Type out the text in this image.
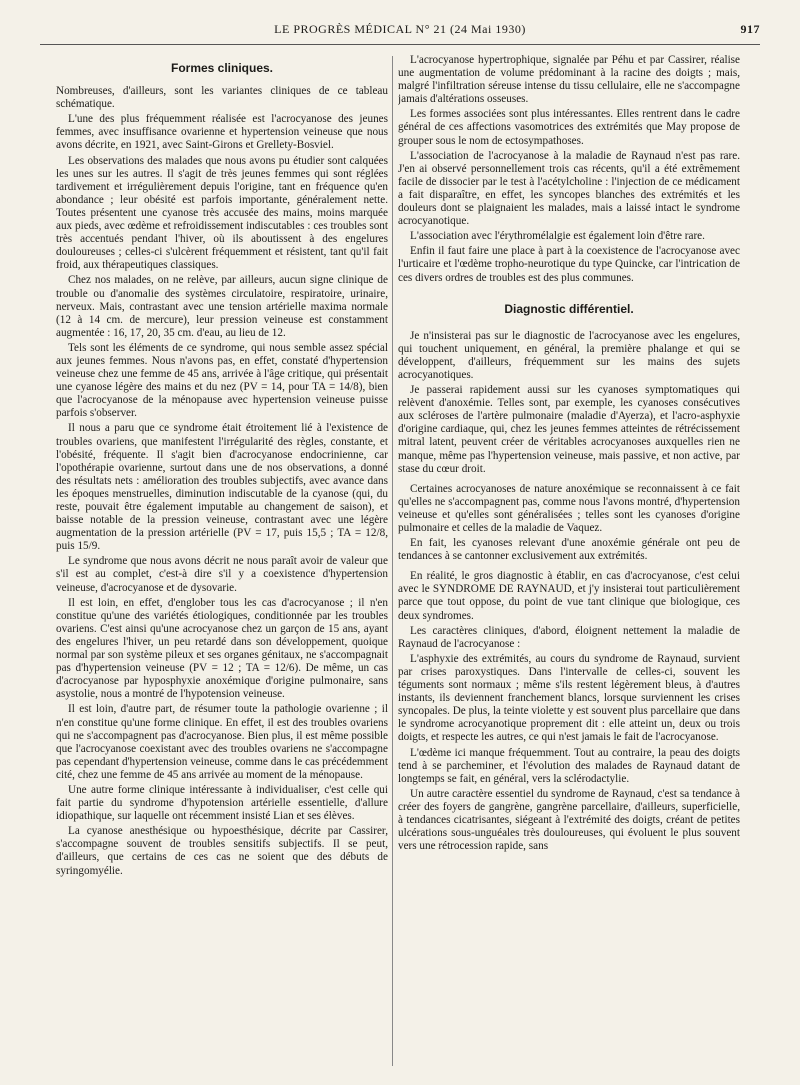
LE PROGRÈS MÉDICAL N° 21 (24 Mai 1930)	917
Formes cliniques.

Nombreuses, d'ailleurs, sont les variantes cliniques de ce tableau schématique.

L'une des plus fréquemment réalisée est l'acrocyanose des jeunes femmes, avec insuffisance ovarienne et hypertension veineuse que nous avons décrite, en 1921, avec Saint-Girons et Grellety-Bosviel.

Les observations des malades que nous avons pu étudier sont calquées les unes sur les autres. Il s'agit de très jeunes femmes qui sont réglées tardivement et irrégulièrement depuis l'origine, tant en fréquence qu'en abondance ; leur obésité est parfois importante, généralement nette. Toutes présentent une cyanose très accusée des mains, moins marquée aux pieds, avec œdème et refroidissement indiscutables : ces troubles sont très accentués pendant l'hiver, où ils aboutissent à des engelures douloureuses ; celles-ci s'ulcèrent fréquemment et résistent, tant qu'il fait froid, aux thérapeutiques classiques.

Chez nos malades, on ne relève, par ailleurs, aucun signe clinique de trouble ou d'anomalie des systèmes circulatoire, respiratoire, urinaire, nerveux. Mais, contrastant avec une tension artérielle maxima normale (12 à 14 cm. de mercure), leur pression veineuse est constamment augmentée : 16, 17, 20, 35 cm. d'eau, au lieu de 12.

Tels sont les éléments de ce syndrome, qui nous semble assez spécial aux jeunes femmes. Nous n'avons pas, en effet, constaté d'hypertension veineuse chez une femme de 45 ans, arrivée à l'âge critique, qui présentait une cyanose légère des mains et du nez (PV = 14, pour TA = 14/8), bien que l'acrocyanose de la ménopause avec hypertension veineuse puisse parfois s'observer.

Il nous a paru que ce syndrome était étroitement lié à l'existence de troubles ovariens, que manifestent l'irrégularité des règles, constante, et l'obésité, fréquente. Il s'agit bien d'acrocyanose endocrinienne, car l'opothérapie ovarienne, surtout dans une de nos observations, a donné des résultats nets : amélioration des troubles subjectifs, avec avance dans les époques menstruelles, diminution indiscutable de la cyanose (qui, du reste, pouvait être également imputable au changement de saison), et baisse notable de la pression veineuse, contrastant avec une légère augmentation de la pression artérielle (PV = 17, puis 15,5 ; TA = 12/8, puis 15/9.

Le syndrome que nous avons décrit ne nous paraît avoir de valeur que s'il est au complet, c'est-à dire s'il y a coexistence d'hypertension veineuse, d'acrocyanose et de dysovarie.

Il est loin, en effet, d'englober tous les cas d'acrocyanose ; il n'en constitue qu'une des variétés étiologiques, conditionnée par les troubles ovariens. C'est ainsi qu'une acrocyanose chez un garçon de 15 ans, ayant des engelures l'hiver, un peu retardé dans son développement, quoique normal par son système pileux et ses organes génitaux, ne s'accompagnait pas d'hypertension veineuse (PV = 12 ; TA = 12/6). De même, un cas d'acrocyanose par hyposphyxie anoxémique d'origine pulmonaire, sans asystolie, nous a montré de l'hypotension veineuse.

Il est loin, d'autre part, de résumer toute la pathologie ovarienne ; il n'en constitue qu'une forme clinique. En effet, il est des troubles ovariens qui ne s'accompagnent pas d'acrocyanose. Bien plus, il est même possible que l'acrocyanose coexistant avec des troubles ovariens ne s'accompagne pas cependant d'hypertension veineuse, comme dans le cas précédemment cité, chez une femme de 45 ans arrivée au moment de la ménopause.

Une autre forme clinique intéressante à individualiser, c'est celle qui fait partie du syndrome d'hypotension artérielle essentielle, d'allure idiopathique, sur laquelle ont récemment insisté Lian et ses élèves.

La cyanose anesthésique ou hypoesthésique, décrite par Cassirer, s'accompagne souvent de troubles sensitifs subjectifs. Il se peut, d'ailleurs, que certains de ces cas ne soient que des débuts de syringomyélie.

L'acrocyanose hypertrophique, signalée par Péhu et par Cassirer, réalise une augmentation de volume prédominant à la racine des doigts ; mais, malgré l'infiltration séreuse intense du tissu cellulaire, elle ne s'accompagne jamais d'altérations osseuses.

Les formes associées sont plus intéressantes. Elles rentrent dans le cadre général de ces affections vasomotrices des extrémités que May propose de grouper sous le nom de ectosympathoses.

L'association de l'acrocyanose à la maladie de Raynaud n'est pas rare. J'en ai observé personnellement trois cas récents, qu'il a été extrêmement facile de dissocier par le test à l'acétylcholine : l'injection de ce médicament a fait disparaître, en effet, les syncopes blanches des extrémités et les douleurs dont se plaignaient les malades, mais a laissé intact le syndrome acrocyanotique.

L'association avec l'érythromélalgie est également loin d'être rare.

Enfin il faut faire une place à part à la coexistence de l'acrocyanose avec l'urticaire et l'œdème tropho-neurotique du type Quincke, car l'intrication de ces divers ordres de troubles est des plus communes.

Diagnostic différentiel.

Je n'insisterai pas sur le diagnostic de l'acrocyanose avec les engelures, qui touchent uniquement, en général, la première phalange et qui se développent, d'ailleurs, fréquemment sur les mains des sujets acrocyanotiques.

Je passerai rapidement aussi sur les cyanoses symptomatiques qui relèvent d'anoxémie. Telles sont, par exemple, les cyanoses consécutives aux scléroses de l'artère pulmonaire (maladie d'Ayerza), et l'acro-asphyxie d'origine cardiaque, qui, chez les jeunes femmes atteintes de rétrécissement mitral latent, peuvent créer de véritables acrocyanoses auxquelles rien ne manque, même pas l'hypertension veineuse, mais passive, et non active, par stase du cœur droit.

Certaines acrocyanoses de nature anoxémique se reconnaissent à ce fait qu'elles ne s'accompagnent pas, comme nous l'avons montré, d'hypertension veineuse et qu'elles sont généralisées ; telles sont les cyanoses d'origine pulmonaire et celles de la maladie de Vaquez.

En fait, les cyanoses relevant d'une anoxémie générale ont peu de tendances à se cantonner exclusivement aux extrémités.

En réalité, le gros diagnostic à établir, en cas d'acrocyanose, c'est celui avec le SYNDROME DE RAYNAUD, et j'y insisterai tout particulièrement parce que tout oppose, du point de vue tant clinique que biologique, ces deux syndromes.

Les caractères cliniques, d'abord, éloignent nettement la maladie de Raynaud de l'acrocyanose :

L'asphyxie des extrémités, au cours du syndrome de Raynaud, survient par crises paroxystiques. Dans l'intervalle de celles-ci, souvent les téguments sont normaux ; même s'ils restent légèrement bleus, à d'autres instants, ils deviennent franchement blancs, lorsque surviennent les crises syncopales. De plus, la teinte violette y est souvent plus parcellaire que dans le syndrome acrocyanotique proprement dit : elle atteint un, deux ou trois doigts, et respecte les autres, ce qui n'est jamais le fait de l'acrocyanose.

L'œdème ici manque fréquemment. Tout au contraire, la peau des doigts tend à se parcheminer, et l'évolution des malades de Raynaud datant de longtemps se fait, en général, vers la sclérodactylie.

Un autre caractère essentiel du syndrome de Raynaud, c'est sa tendance à créer des foyers de gangrène, gangrène parcellaire, d'ailleurs, superficielle, à tendances cicatrisantes, siégeant à l'extrémité des doigts, créant de petites ulcérations sous-unguéales très douloureuses, qui évoluent le plus souvent vers une rétrocession rapide, sans
